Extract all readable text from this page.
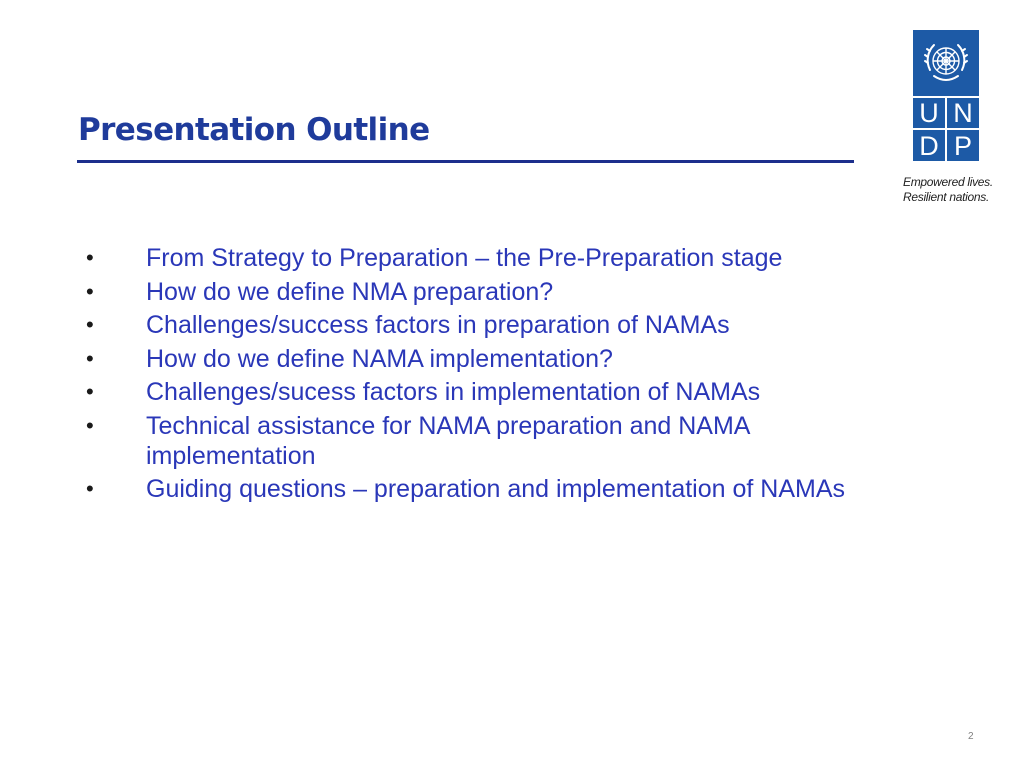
Presentation Outline	U N
D P
Empowered lives.
Resilient nations.
• From Strategy to Preparation – the Pre-Preparation stage
• How do we define NMA preparation?
• Challenges/success factors in preparation of NAMAs
• How do we define NAMA implementation?
• Challenges/sucess factors in implementation of NAMAs
• Technical assistance for NAMA preparation and NAMA implementation
• Guiding questions – preparation and implementation of NAMAs
2
